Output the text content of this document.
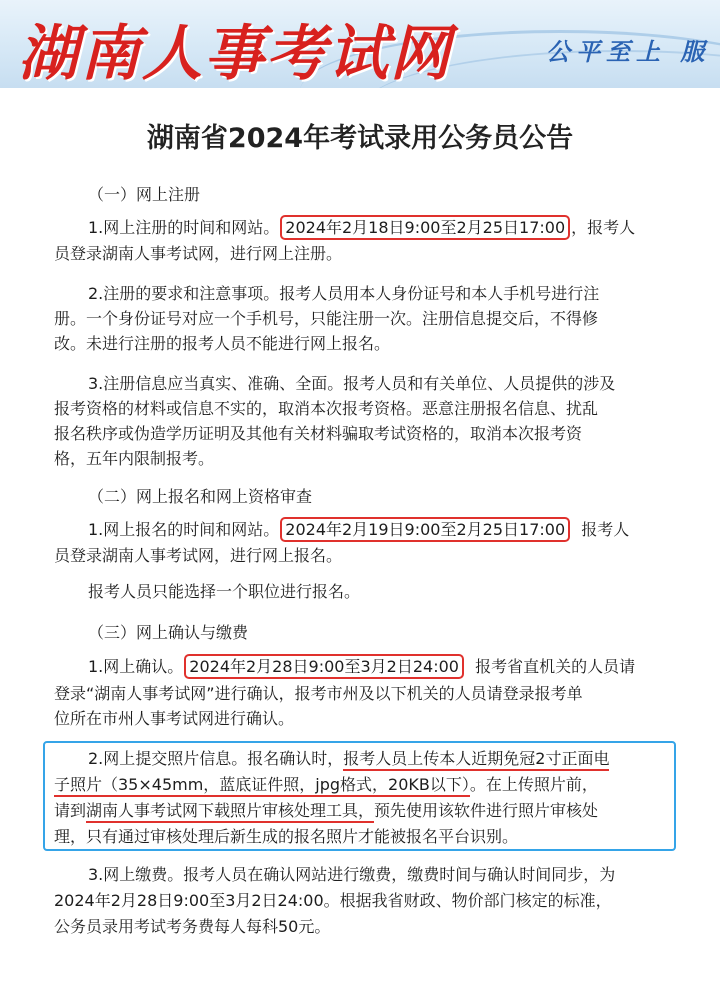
湖南人事考试网	公平至上 服
湖南省2024年考试录用公务员公告
（一）网上注册
1.网上注册的时间和网站。 2024年2月18日9:00至2月25日17:00 ，报考人
员登录湖南人事考试网，进行网上注册。
2.注册的要求和注意事项。报考人员用本人身份证号和本人手机号进行注
册。一个身份证号对应一个手机号，只能注册一次。注册信息提交后，不得修
改。未进行注册的报考人员不能进行网上报名。
3.注册信息应当真实、准确、全面。报考人员和有关单位、人员提供的涉及
报考资格的材料或信息不实的，取消本次报考资格。恶意注册报名信息、扰乱
报名秩序或伪造学历证明及其他有关材料骗取考试资格的，取消本次报考资
格，五年内限制报考。
（二）网上报名和网上资格审查
1.网上报名的时间和网站。 2024年2月19日9:00至2月25日17:00 报考人
员登录湖南人事考试网，进行网上报名。
报考人员只能选择一个职位进行报名。
（三）网上确认与缴费
1.网上确认。 2024年2月28日9:00至3月2日24:00 报考省直机关的人员请
登录“湖南人事考试网”进行确认，报考市州及以下机关的人员请登录报考单
位所在市州人事考试网进行确认。
2.网上提交照片信息。报名确认时，报考人员上传本人近期免冠2寸正面电
子照片（35×45mm，蓝底证件照，jpg格式，20KB以下）。在上传照片前，
请到湖南人事考试网下载照片审核处理工具，预先使用该软件进行照片审核处
理，只有通过审核处理后新生成的报名照片才能被报名平台识别。
3.网上缴费。报考人员在确认网站进行缴费，缴费时间与确认时间同步，为
2024年2月28日9:00至3月2日24:00。根据我省财政、物价部门核定的标准，
公务员录用考试考务费每人每科50元。
